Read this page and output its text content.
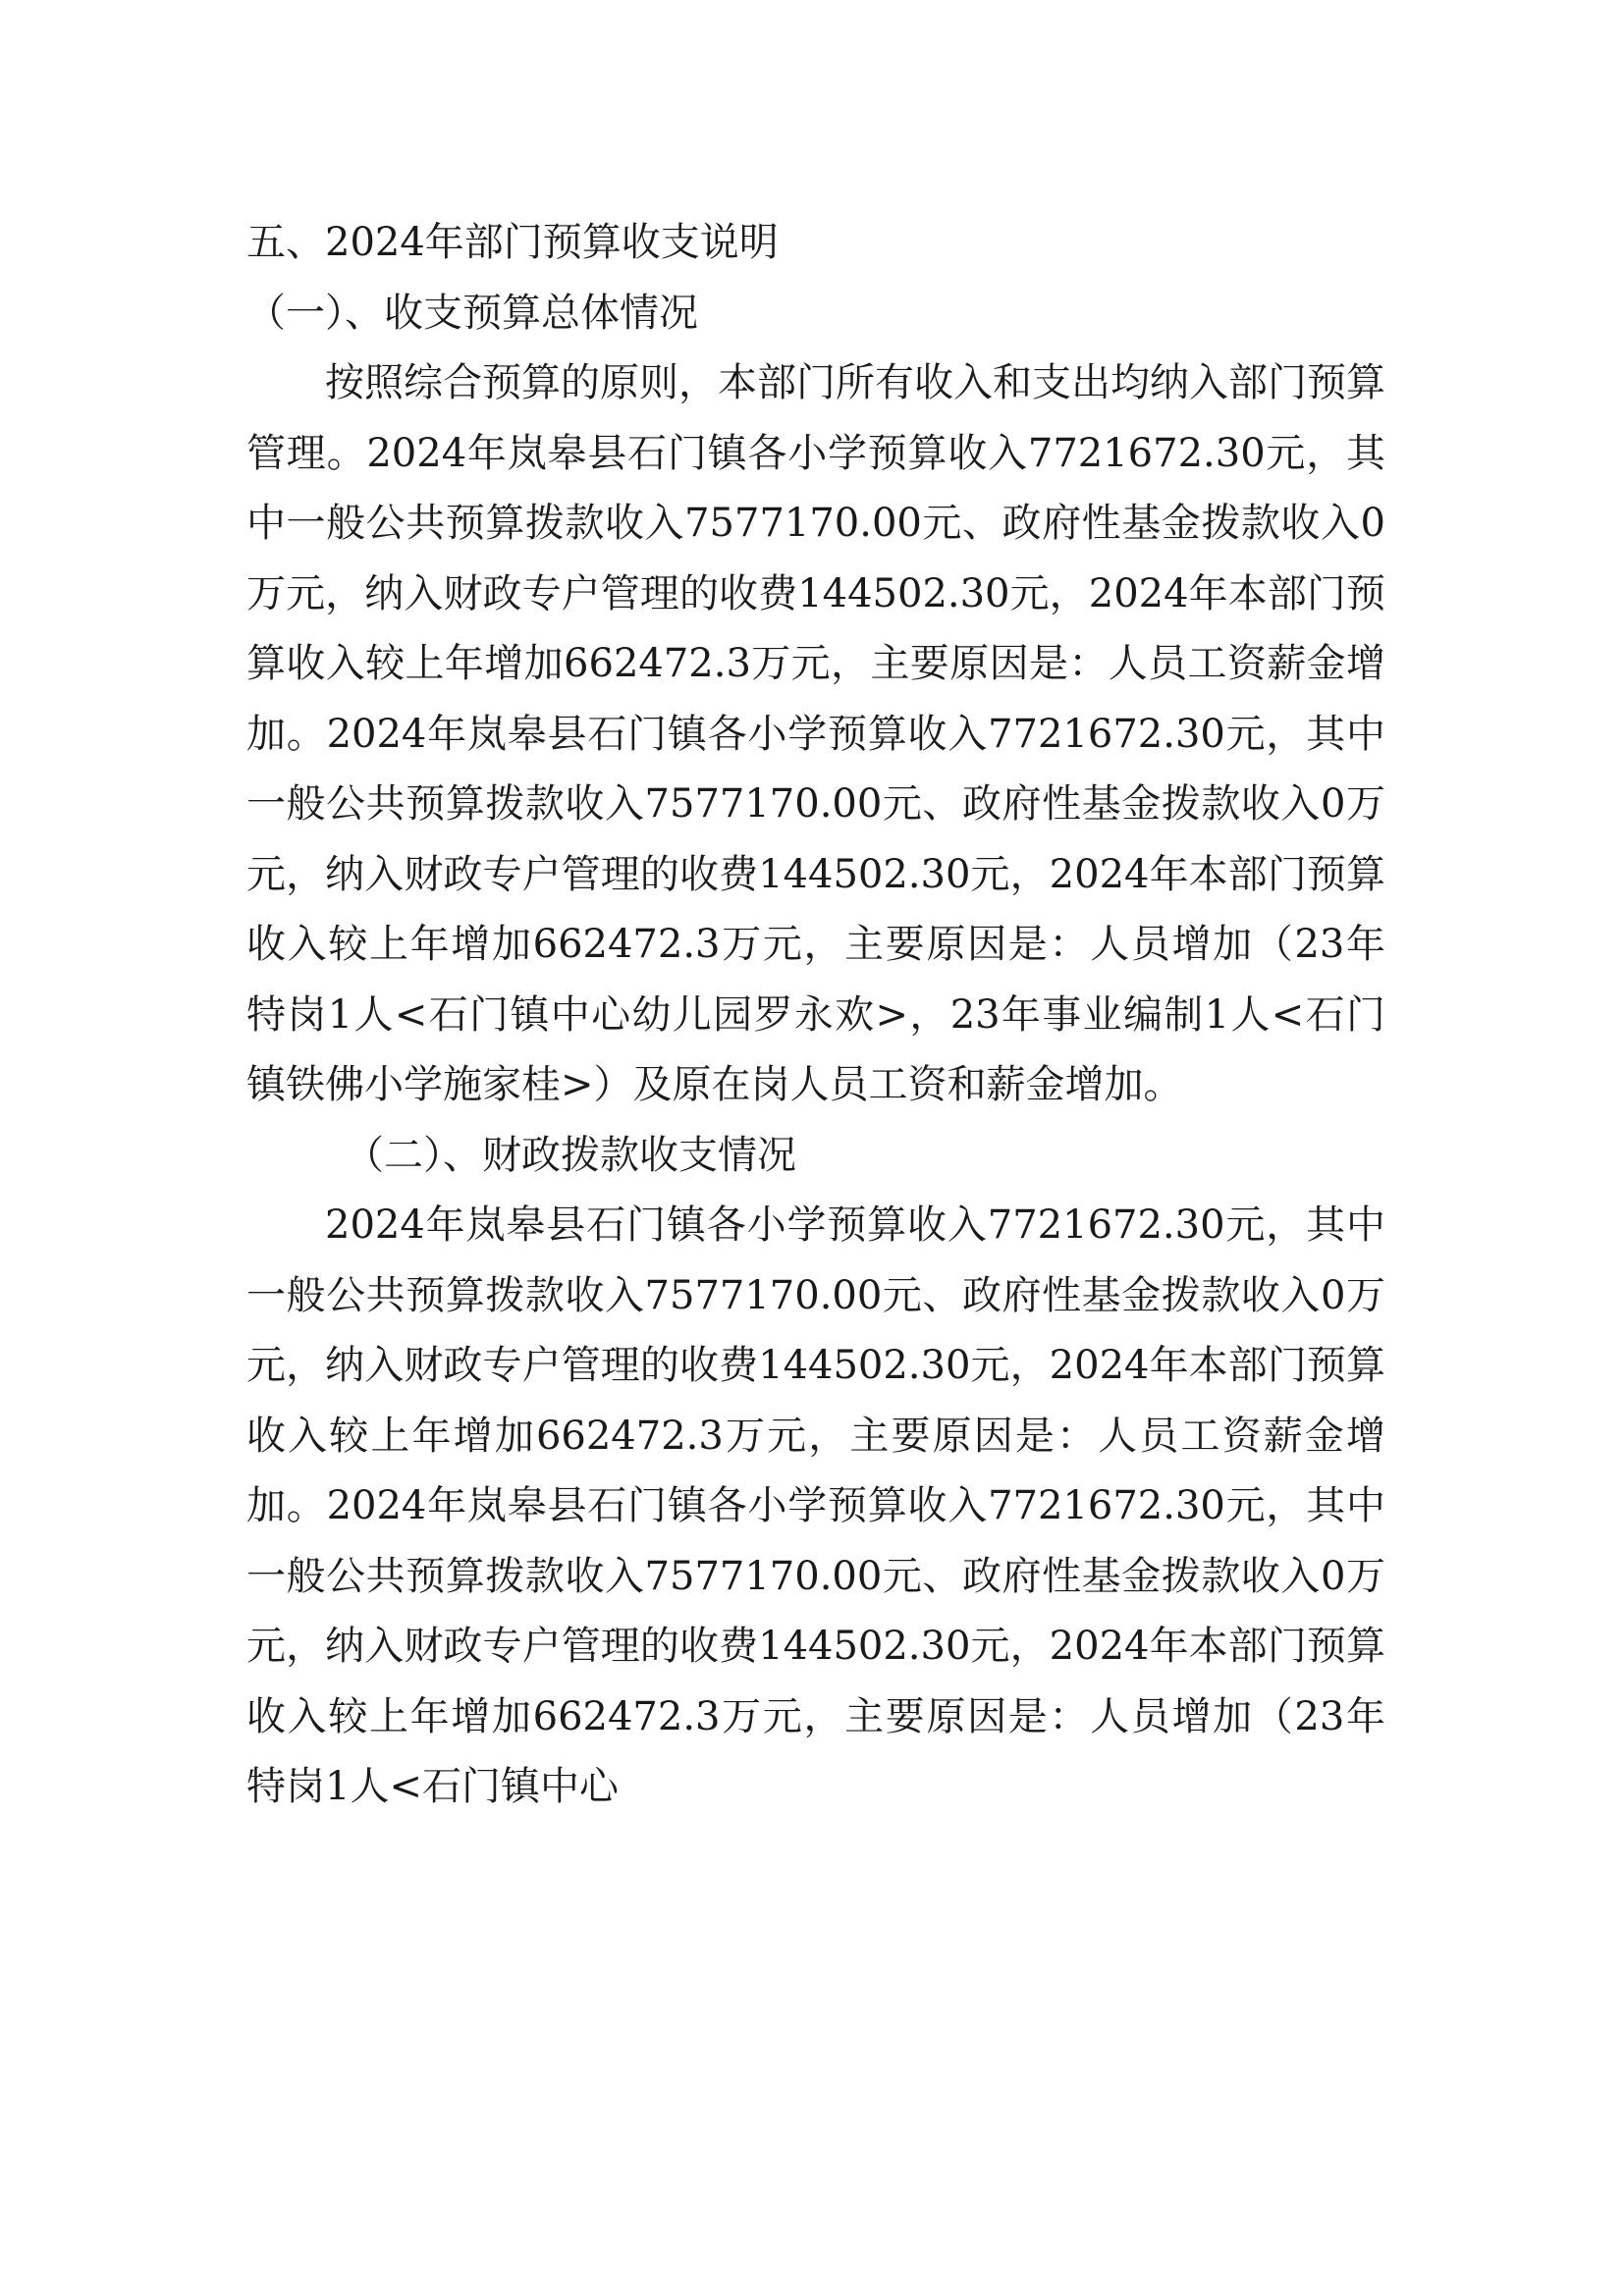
五、2024年部门预算收支说明

（一）、收支预算总体情况

按照综合预算的原则，本部门所有收入和支出均纳入部门预算管理。2024年岚皋县石门镇各小学预算收入7721672.30元，其中一般公共预算拨款收入7577170.00元、政府性基金拨款收入0万元，纳入财政专户管理的收费144502.30元，2024年本部门预算收入较上年增加662472.3万元，主要原因是：人员工资薪金增加。2024年岚皋县石门镇各小学预算收入7721672.30元，其中一般公共预算拨款收入7577170.00元、政府性基金拨款收入0万元，纳入财政专户管理的收费144502.30元，2024年本部门预算收入较上年增加662472.3万元，主要原因是：人员增加（23年特岗1人<石门镇中心幼儿园罗永欢>，23年事业编制1人<石门镇铁佛小学施家桂>）及原在岗人员工资和薪金增加。

（二）、财政拨款收支情况

2024年岚皋县石门镇各小学预算收入7721672.30元，其中一般公共预算拨款收入7577170.00元、政府性基金拨款收入0万元，纳入财政专户管理的收费144502.30元，2024年本部门预算收入较上年增加662472.3万元，主要原因是：人员工资薪金增加。2024年岚皋县石门镇各小学预算收入7721672.30元，其中一般公共预算拨款收入7577170.00元、政府性基金拨款收入0万元，纳入财政专户管理的收费144502.30元，2024年本部门预算收入较上年增加662472.3万元，主要原因是：人员增加（23年特岗1人<石门镇中心
